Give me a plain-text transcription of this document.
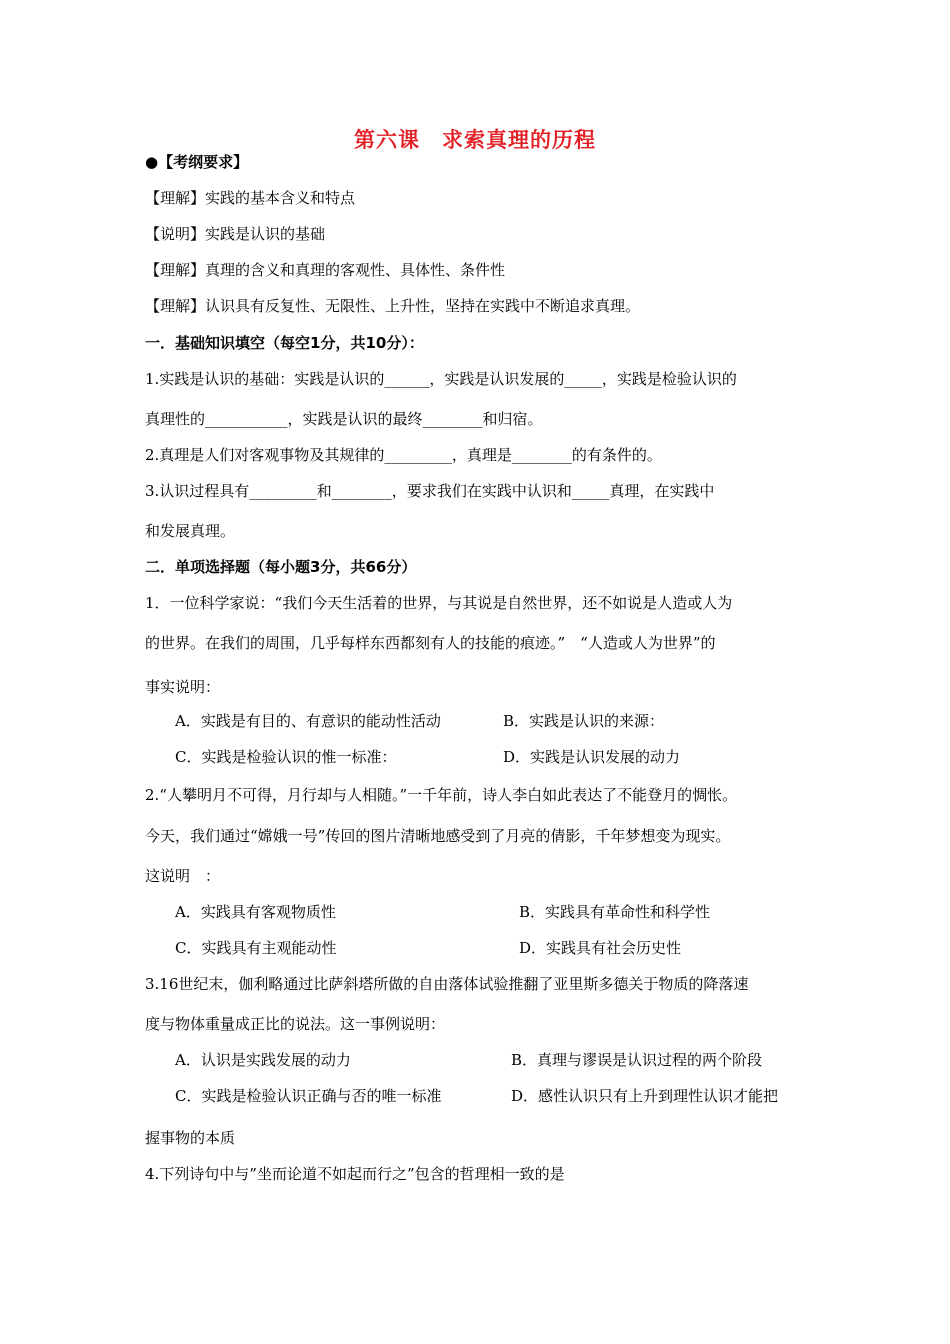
第六课　求索真理的历程
●【考纲要求】
【理解】实践的基本含义和特点
【说明】实践是认识的基础
【理解】真理的含义和真理的客观性、具体性、条件性
【理解】认识具有反复性、无限性、上升性，坚持在实践中不断追求真理。
一．基础知识填空（每空1分，共10分）：
1.实践是认识的基础：实践是认识的______，实践是认识发展的_____，实践是检验认识的
真理性的___________，实践是认识的最终________和归宿。
2.真理是人们对客观事物及其规律的_________，真理是________的有条件的。
3.认识过程具有_________和________，要求我们在实践中认识和_____真理，在实践中
和发展真理。
二．单项选择题（每小题3分，共66分）
1．一位科学家说：“我们今天生活着的世界，与其说是自然世界，还不如说是人造或人为
的世界。在我们的周围，几乎每样东西都刻有人的技能的痕迹。”　“人造或人为世界”的
事实说明：
A．实践是有目的、有意识的能动性活动	B．实践是认识的来源：
C．实践是检验认识的惟一标准：	D．实践是认识发展的动力
2.“人攀明月不可得，月行却与人相随。”一千年前，诗人李白如此表达了不能登月的惆怅。
今天，我们通过“嫦娥一号”传回的图片清晰地感受到了月亮的倩影，千年梦想变为现实。
这说明　：
A．实践具有客观物质性	B．实践具有革命性和科学性
C．实践具有主观能动性	D．实践具有社会历史性
3.16世纪末，伽利略通过比萨斜塔所做的自由落体试验推翻了亚里斯多德关于物质的降落速
度与物体重量成正比的说法。这一事例说明：
A．认识是实践发展的动力	B．真理与谬误是认识过程的两个阶段
C．实践是检验认识正确与否的唯一标准	D．感性认识只有上升到理性认识才能把
握事物的本质
4.下列诗句中与”坐而论道不如起而行之”包含的哲理相一致的是
